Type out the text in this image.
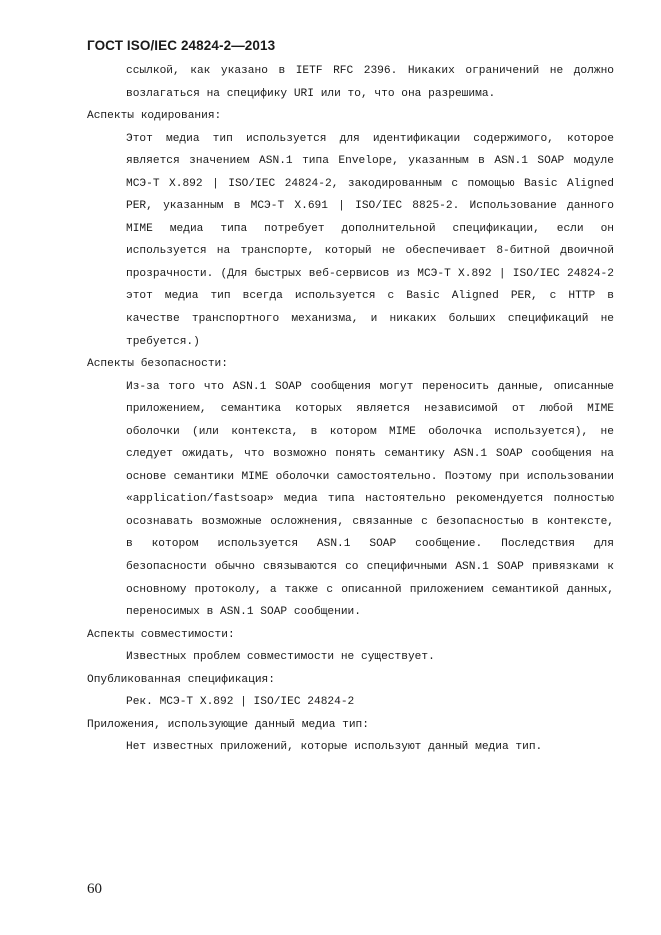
ГОСТ ISO/IEC 24824-2—2013
ссылкой, как указано в IETF RFC 2396. Никаких ограничений не должно возлагаться на специфику URI или то, что она разрешима.
Аспекты кодирования:
Этот медиа тип используется для идентификации содержимого, которое является значением ASN.1 типа Envelope, указанным в ASN.1 SOAP модуле МСЭ-Т X.892 | ISO/IEC 24824-2, закодированным с помощью Basic Aligned PER, указанным в МСЭ-Т X.691 | ISO/IEC 8825-2. Использование данного MIME медиа типа потребует дополнительной спецификации, если он используется на транспорте, который не обеспечивает 8-битной двоичной прозрачности. (Для быстрых веб-сервисов из МСЭ-Т X.892 | ISO/IEC 24824-2 этот медиа тип всегда используется с Basic Aligned PER, с HTTP в качестве транспортного механизма, и никаких больших спецификаций не требуется.)
Аспекты безопасности:
Из-за того что ASN.1 SOAP сообщения могут переносить данные, описанные приложением, семантика которых является независимой от любой MIME оболочки (или контекста, в котором MIME оболочка используется), не следует ожидать, что возможно понять семантику ASN.1 SOAP сообщения на основе семантики MIME оболочки самостоятельно. Поэтому при использовании «application/fastsoap» медиа типа настоятельно рекомендуется полностью осознавать возможные осложнения, связанные с безопасностью в контексте, в котором используется ASN.1 SOAP сообщение. Последствия для безопасности обычно связываются со специфичными ASN.1 SOAP привязками к основному протоколу, а также с описанной приложением семантикой данных, переносимых в ASN.1 SOAP сообщении.
Аспекты совместимости:
Известных проблем совместимости не существует.
Опубликованная спецификация:
Рек. МСЭ-Т X.892 | ISO/IEC 24824-2
Приложения, использующие данный медиа тип:
Нет известных приложений, которые используют данный медиа тип.
60
